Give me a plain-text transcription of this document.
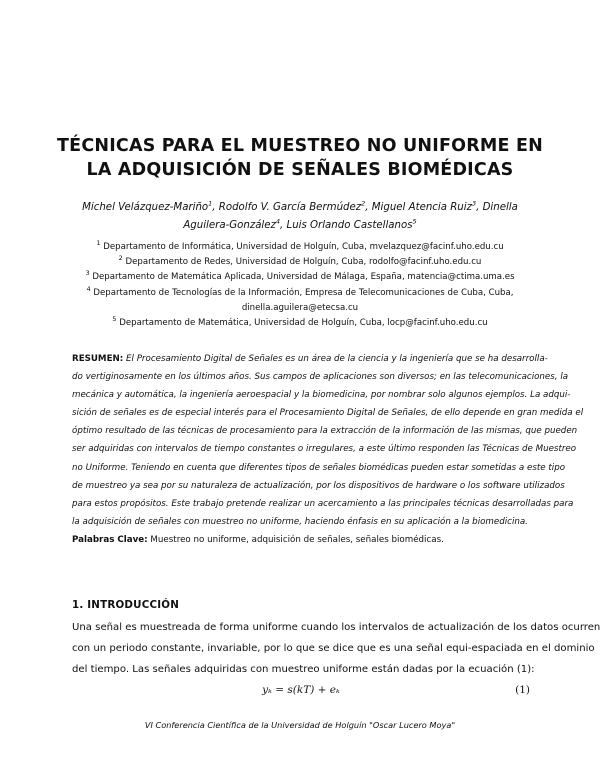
TÉCNICAS PARA EL MUESTREO NO UNIFORME EN
LA ADQUISICIÓN DE SEÑALES BIOMÉDICAS
Michel Velázquez-Mariño$^1$, Rodolfo V. García Bermúdez$^2$, Miguel Atencia Ruiz$^3$, Dinella
Aguilera-González$^4$, Luis Orlando Castellanos$^5$
$^1$ Departamento de Informática, Universidad de Holguín, Cuba, mvelazquez@facinf.uho.edu.cu
$^2$ Departamento de Redes, Universidad de Holguín, Cuba, rodolfo@facinf.uho.edu.cu
$^3$ Departamento de Matemática Aplicada, Universidad de Málaga, España, matencia@ctima.uma.es
$^4$ Departamento de Tecnologías de la Información, Empresa de Telecomunicaciones de Cuba, Cuba,
dinella.aguilera@etecsa.cu
$^5$ Departamento de Matemática, Universidad de Holguín, Cuba, locp@facinf.uho.edu.cu
RESUMEN: El Procesamiento Digital de Señales es un área de la ciencia y la ingeniería que se ha desarrolla-
do vertiginosamente en los últimos años. Sus campos de aplicaciones son diversos; en las telecomunicaciones, la
mecánica y automática, la ingeniería aeroespacial y la biomedicina, por nombrar solo algunos ejemplos. La adqui-
sición de señales es de especial interés para el Procesamiento Digital de Señales, de ello depende en gran medida el
óptimo resultado de las técnicas de procesamiento para la extracción de la información de las mismas, que pueden
ser adquiridas con intervalos de tiempo constantes o irregulares, a este último responden las Técnicas de Muestreo
no Uniforme. Teniendo en cuenta que diferentes tipos de señales biomédicas pueden estar sometidas a este tipo
de muestreo ya sea por su naturaleza de actualización, por los dispositivos de hardware o los software utilizados
para estos propósitos. Este trabajo pretende realizar un acercamiento a las principales técnicas desarrolladas para
la adquisición de señales con muestreo no uniforme, haciendo énfasis en su aplicación a la biomedicina.
Palabras Clave: Muestreo no uniforme, adquisición de señales, señales biomédicas.
1. INTRODUCCIÓN
Una señal es muestreada de forma uniforme cuando los intervalos de actualización de los datos ocurren
con un periodo constante, invariable, por lo que se dice que es una señal equi-espaciada en el dominio
del tiempo. Las señales adquiridas con muestreo uniforme están dadas por la ecuación (1):
yₖ = s(kT) + eₖ	(1)
VI Conferencia Científica de la Universidad de Holguín "Oscar Lucero Moya"
